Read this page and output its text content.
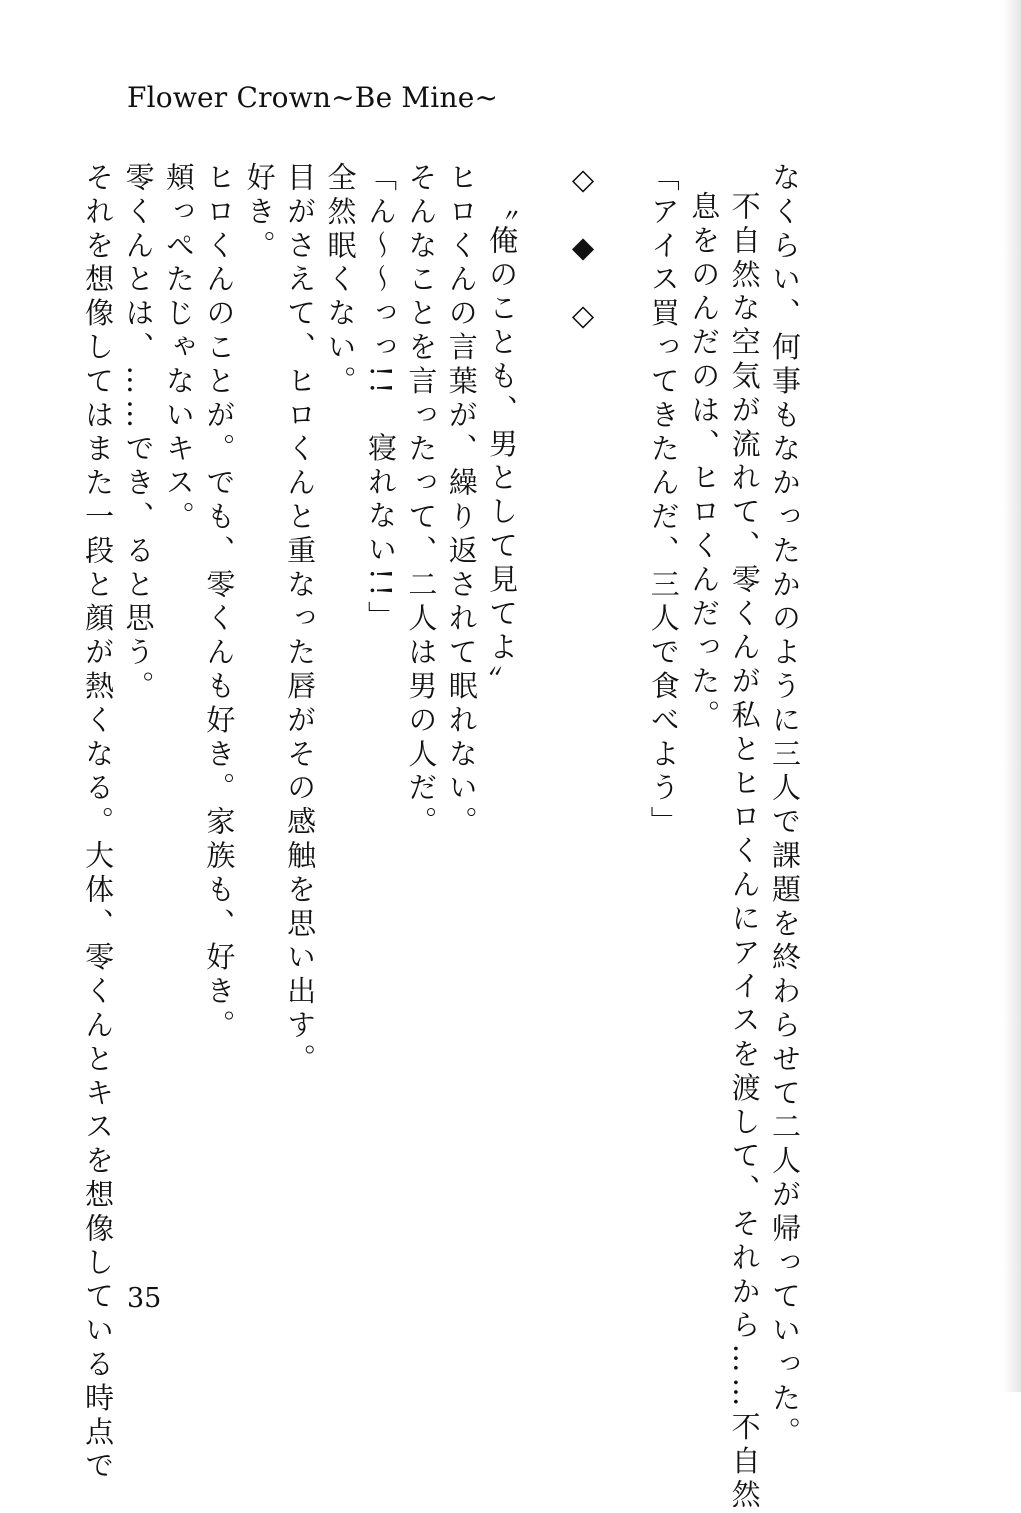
Flower Crown~Be Mine~

なくらい、何事もなかったかのように三人で課題を終わらせて二人が帰っていった。

不自然な空気が流れて、零くんが私とヒロくんにアイスを渡して、それから……不自然

息をのんだのは、ヒロくんだった。

「アイス買ってきたんだ、三人で食べよう」

◇◆◇

〝俺のことも、男として見てよ〟

ヒロくんの言葉が、繰り返されて眠れない。

そんなことを言ったって、二人は男の人だ。

「ん〜〜っっ!!　寝れない!!」

全然眠くない。

目がさえて、ヒロくんと重なった唇がその感触を思い出す。

好き。

ヒロくんのことが。でも、零くんも好き。家族も、好き。

頬っぺたじゃないキス。

零くんとは、……でき、ると思う。

それを想像してはまた一段と顔が熱くなる。大体、零くんとキスを想像している時点で 35
